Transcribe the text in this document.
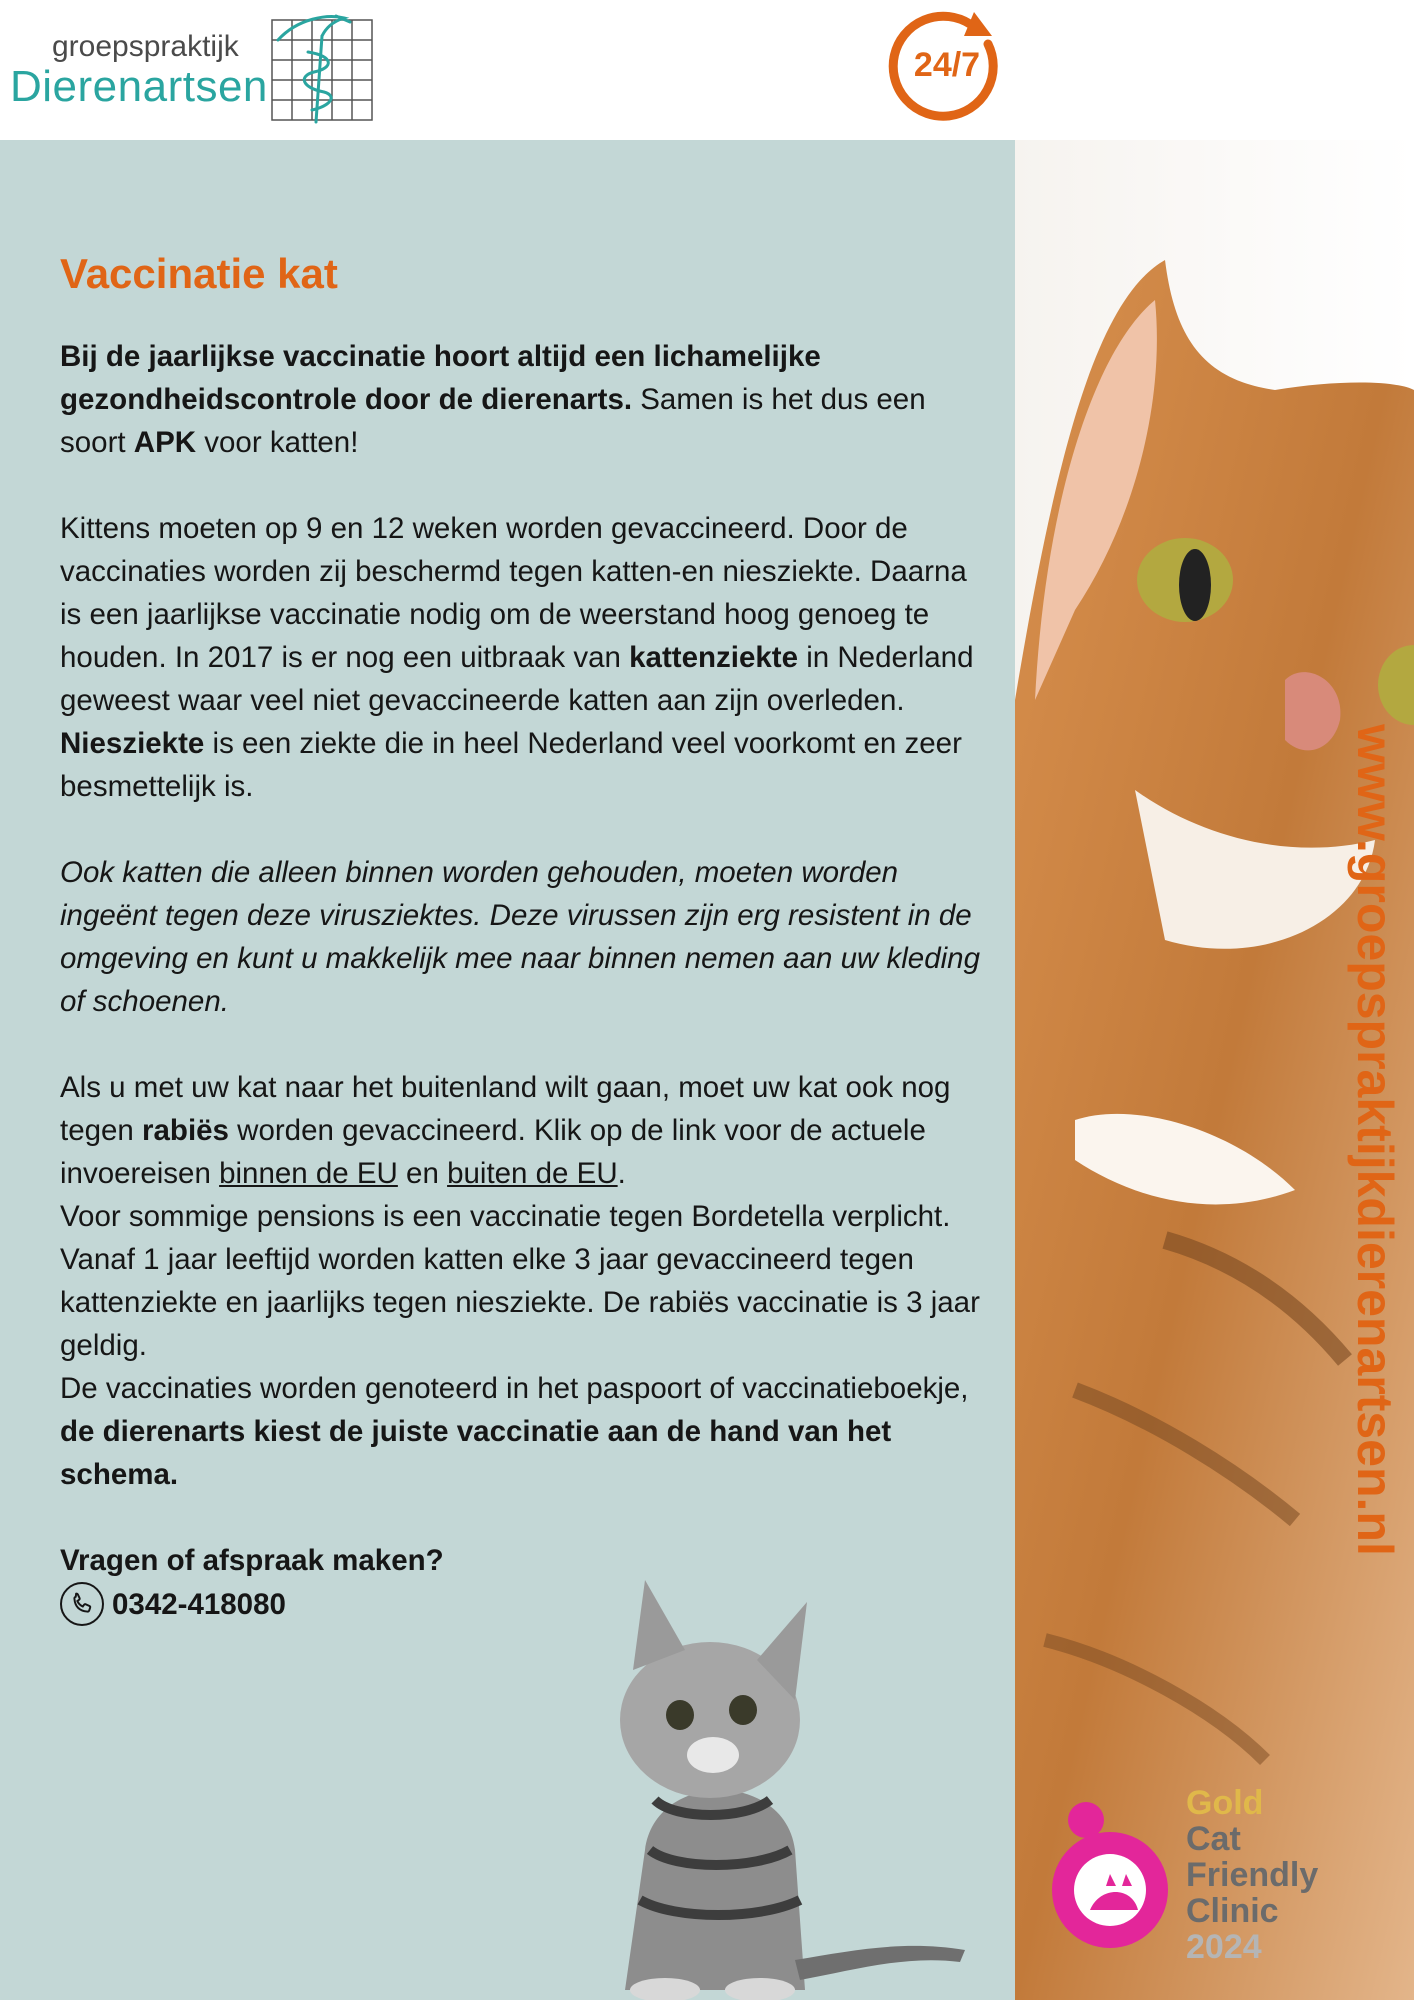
groepspraktijk
Dierenartsen	24/7
Vaccinatie kat

Bij de jaarlijkse vaccinatie hoort altijd een lichamelijke gezondheidscontrole door de dierenarts. Samen is het dus een soort APK voor katten!

Kittens moeten op 9 en 12 weken worden gevaccineerd. Door de vaccinaties worden zij beschermd tegen katten-en niesziekte. Daarna is een jaarlijkse vaccinatie nodig om de weerstand hoog genoeg te houden. In 2017 is er nog een uitbraak van kattenziekte in Nederland geweest waar veel niet gevaccineerde katten aan zijn overleden.
Niesziekte is een ziekte die in heel Nederland veel voorkomt en zeer besmettelijk is.

Ook katten die alleen binnen worden gehouden, moeten worden ingeënt tegen deze virusziektes. Deze virussen zijn erg resistent in de omgeving en kunt u makkelijk mee naar binnen nemen aan uw kleding of schoenen.

Als u met uw kat naar het buitenland wilt gaan, moet uw kat ook nog tegen rabiës worden gevaccineerd. Klik op de link voor de actuele invoereisen binnen de EU en buiten de EU.
Voor sommige pensions is een vaccinatie tegen Bordetella verplicht.
Vanaf 1 jaar leeftijd worden katten elke 3 jaar gevaccineerd tegen kattenziekte en jaarlijks tegen niesziekte. De rabiës vaccinatie is 3 jaar geldig.
De vaccinaties worden genoteerd in het paspoort of vaccinatieboekje, de dierenarts kiest de juiste vaccinatie aan de hand van het schema.

Vragen of afspraak maken?

0342-418080
www.groepspraktijkdierenartsen.nl
Gold
Cat
Friendly
Clinic
2024
